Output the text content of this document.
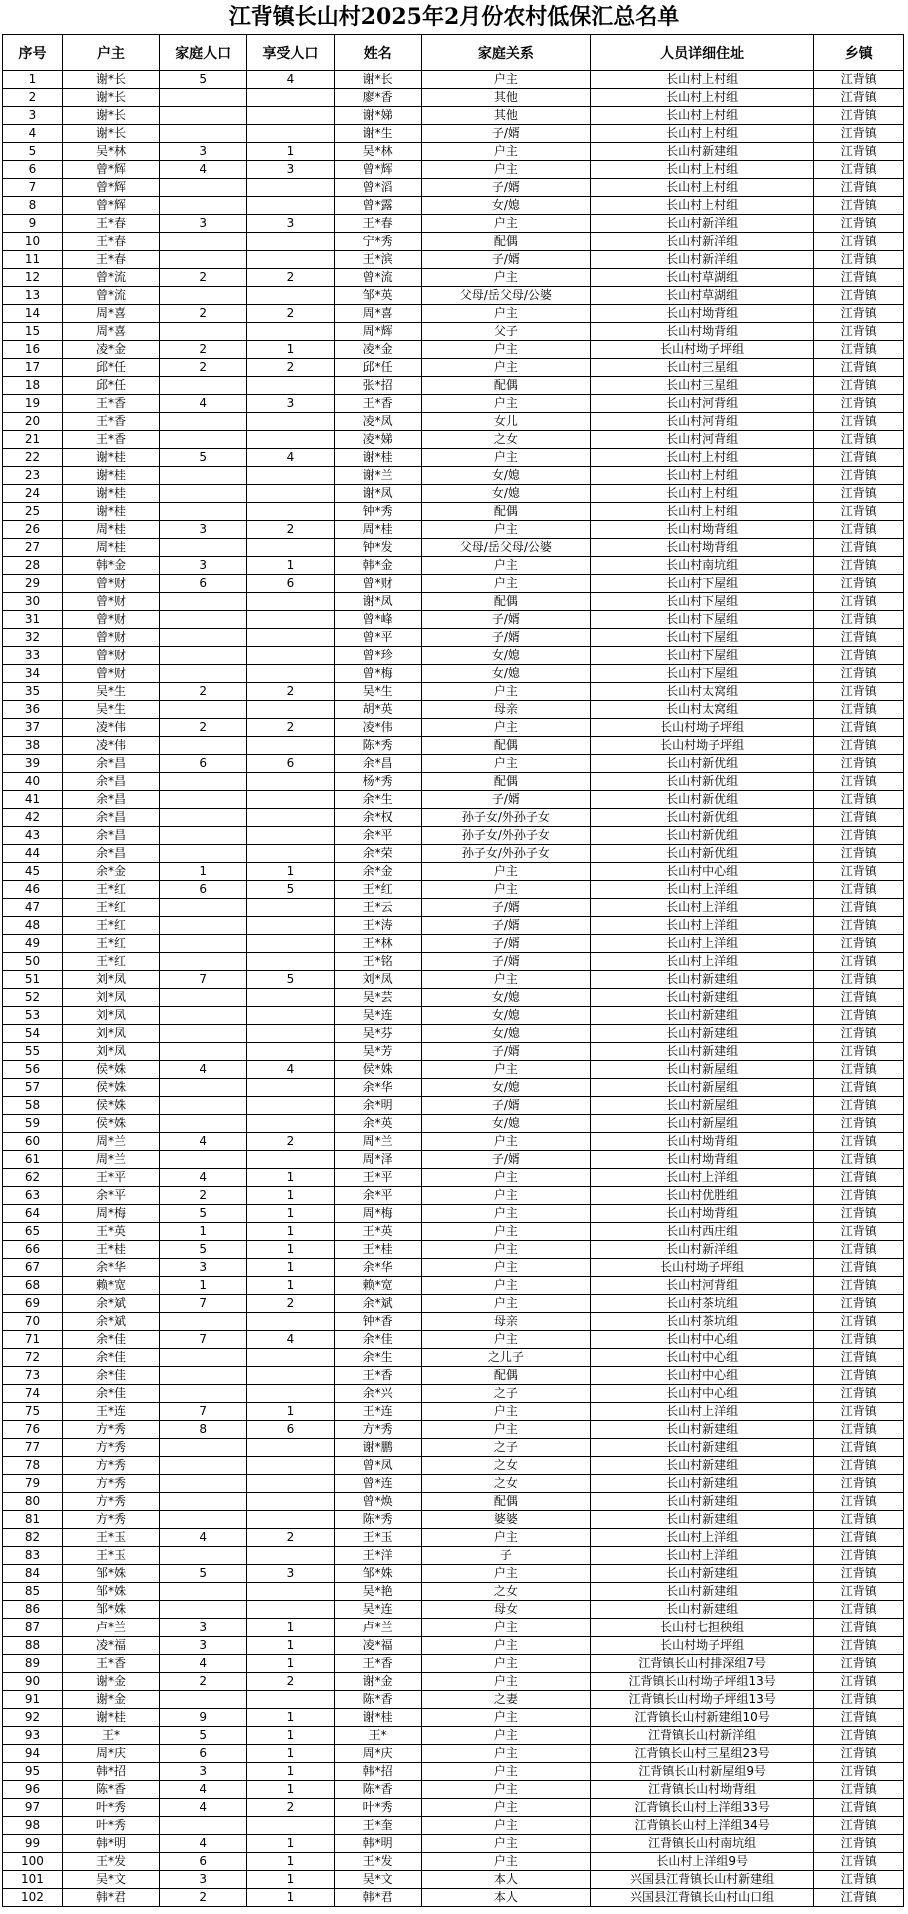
江背镇长山村2025年2月份农村低保汇总名单
序号	户主	家庭人口	享受人口	姓名	家庭关系	人员详细住址	乡镇
1	谢*长	5	4	谢*长	户主	长山村上村组	江背镇
2	谢*长			廖*香	其他	长山村上村组	江背镇
3	谢*长			谢*娣	其他	长山村上村组	江背镇
4	谢*长			谢*生	子/婿	长山村上村组	江背镇
5	吴*林	3	1	吴*林	户主	长山村新建组	江背镇
6	曾*辉	4	3	曾*辉	户主	长山村上村组	江背镇
7	曾*辉			曾*滔	子/婿	长山村上村组	江背镇
8	曾*辉			曾*露	女/媳	长山村上村组	江背镇
9	王*春	3	3	王*春	户主	长山村新洋组	江背镇
10	王*春			宁*秀	配偶	长山村新洋组	江背镇
11	王*春			王*滨	子/婿	长山村新洋组	江背镇
12	曾*流	2	2	曾*流	户主	长山村草湖组	江背镇
13	曾*流			邹*英	父母/岳父母/公婆	长山村草湖组	江背镇
14	周*喜	2	2	周*喜	户主	长山村坳背组	江背镇
15	周*喜			周*辉	父子	长山村坳背组	江背镇
16	凌*金	2	1	凌*金	户主	长山村坳子坪组	江背镇
17	邱*任	2	2	邱*任	户主	长山村三星组	江背镇
18	邱*任			张*招	配偶	长山村三星组	江背镇
19	王*香	4	3	王*香	户主	长山村河背组	江背镇
20	王*香			凌*凤	女儿	长山村河背组	江背镇
21	王*香			凌*娣	之女	长山村河背组	江背镇
22	谢*桂	5	4	谢*桂	户主	长山村上村组	江背镇
23	谢*桂			谢*兰	女/媳	长山村上村组	江背镇
24	谢*桂			谢*凤	女/媳	长山村上村组	江背镇
25	谢*桂			钟*秀	配偶	长山村上村组	江背镇
26	周*桂	3	2	周*桂	户主	长山村坳背组	江背镇
27	周*桂			钟*发	父母/岳父母/公婆	长山村坳背组	江背镇
28	韩*金	3	1	韩*金	户主	长山村南坑组	江背镇
29	曾*财	6	6	曾*财	户主	长山村下屋组	江背镇
30	曾*财			谢*凤	配偶	长山村下屋组	江背镇
31	曾*财			曾*峰	子/婿	长山村下屋组	江背镇
32	曾*财			曾*平	子/婿	长山村下屋组	江背镇
33	曾*财			曾*珍	女/媳	长山村下屋组	江背镇
34	曾*财			曾*梅	女/媳	长山村下屋组	江背镇
35	吴*生	2	2	吴*生	户主	长山村太窝组	江背镇
36	吴*生			胡*英	母亲	长山村太窝组	江背镇
37	凌*伟	2	2	凌*伟	户主	长山村坳子坪组	江背镇
38	凌*伟			陈*秀	配偶	长山村坳子坪组	江背镇
39	余*昌	6	6	余*昌	户主	长山村新优组	江背镇
40	余*昌			杨*秀	配偶	长山村新优组	江背镇
41	余*昌			余*生	子/婿	长山村新优组	江背镇
42	余*昌			余*权	孙子女/外孙子女	长山村新优组	江背镇
43	余*昌			余*平	孙子女/外孙子女	长山村新优组	江背镇
44	余*昌			余*荣	孙子女/外孙子女	长山村新优组	江背镇
45	余*金	1	1	余*金	户主	长山村中心组	江背镇
46	王*红	6	5	王*红	户主	长山村上洋组	江背镇
47	王*红			王*云	子/婿	长山村上洋组	江背镇
48	王*红			王*涛	子/婿	长山村上洋组	江背镇
49	王*红			王*林	子/婿	长山村上洋组	江背镇
50	王*红			王*铭	子/婿	长山村上洋组	江背镇
51	刘*凤	7	5	刘*凤	户主	长山村新建组	江背镇
52	刘*凤			吴*芸	女/媳	长山村新建组	江背镇
53	刘*凤			吴*连	女/媳	长山村新建组	江背镇
54	刘*凤			吴*芬	女/媳	长山村新建组	江背镇
55	刘*凤			吴*芳	子/婿	长山村新建组	江背镇
56	侯*姝	4	4	侯*姝	户主	长山村新屋组	江背镇
57	侯*姝			余*华	女/媳	长山村新屋组	江背镇
58	侯*姝			余*明	子/婿	长山村新屋组	江背镇
59	侯*姝			余*英	女/媳	长山村新屋组	江背镇
60	周*兰	4	2	周*兰	户主	长山村坳背组	江背镇
61	周*兰			周*泽	子/婿	长山村坳背组	江背镇
62	王*平	4	1	王*平	户主	长山村上洋组	江背镇
63	余*平	2	1	余*平	户主	长山村优胜组	江背镇
64	周*梅	5	1	周*梅	户主	长山村坳背组	江背镇
65	王*英	1	1	王*英	户主	长山村西庄组	江背镇
66	王*桂	5	1	王*桂	户主	长山村新洋组	江背镇
67	余*华	3	1	余*华	户主	长山村坳子坪组	江背镇
68	赖*宽	1	1	赖*宽	户主	长山村河背组	江背镇
69	余*斌	7	2	余*斌	户主	长山村茶坑组	江背镇
70	余*斌			钟*香	母亲	长山村茶坑组	江背镇
71	余*佳	7	4	余*佳	户主	长山村中心组	江背镇
72	余*佳			余*生	之儿子	长山村中心组	江背镇
73	余*佳			王*香	配偶	长山村中心组	江背镇
74	余*佳			余*兴	之子	长山村中心组	江背镇
75	王*连	7	1	王*连	户主	长山村上洋组	江背镇
76	方*秀	8	6	方*秀	户主	长山村新建组	江背镇
77	方*秀			谢*鹏	之子	长山村新建组	江背镇
78	方*秀			曾*凤	之女	长山村新建组	江背镇
79	方*秀			曾*连	之女	长山村新建组	江背镇
80	方*秀			曾*焕	配偶	长山村新建组	江背镇
81	方*秀			陈*秀	婆婆	长山村新建组	江背镇
82	王*玉	4	2	王*玉	户主	长山村上洋组	江背镇
83	王*玉			王*洋	子	长山村上洋组	江背镇
84	邹*姝	5	3	邹*姝	户主	长山村新建组	江背镇
85	邹*姝			吴*艳	之女	长山村新建组	江背镇
86	邹*姝			吴*连	母女	长山村新建组	江背镇
87	卢*兰	3	1	卢*兰	户主	长山村七担秧组	江背镇
88	凌*福	3	1	凌*福	户主	长山村坳子坪组	江背镇
89	王*香	4	1	王*香	户主	江背镇长山村排深组7号	江背镇
90	谢*金	2	2	谢*金	户主	江背镇长山村坳子坪组13号	江背镇
91	谢*金			陈*香	之妻	江背镇长山村坳子坪组13号	江背镇
92	谢*桂	9	1	谢*桂	户主	江背镇长山村新建组10号	江背镇
93	王*	5	1	王*	户主	江背镇长山村新洋组	江背镇
94	周*庆	6	1	周*庆	户主	江背镇长山村三星组23号	江背镇
95	韩*招	3	1	韩*招	户主	江背镇长山村新屋组9号	江背镇
96	陈*香	4	1	陈*香	户主	江背镇长山村坳背组	江背镇
97	叶*秀	4	2	叶*秀	户主	江背镇长山村上洋组33号	江背镇
98	叶*秀			王*奎	户主	江背镇长山村上洋组34号	江背镇
99	韩*明	4	1	韩*明	户主	江背镇长山村南坑组	江背镇
100	王*发	6	1	王*发	户主	长山村上洋组9号	江背镇
101	吴*文	3	1	吴*文	本人	兴国县江背镇长山村新建组	江背镇
102	韩*君	2	1	韩*君	本人	兴国县江背镇长山村山口组	江背镇
